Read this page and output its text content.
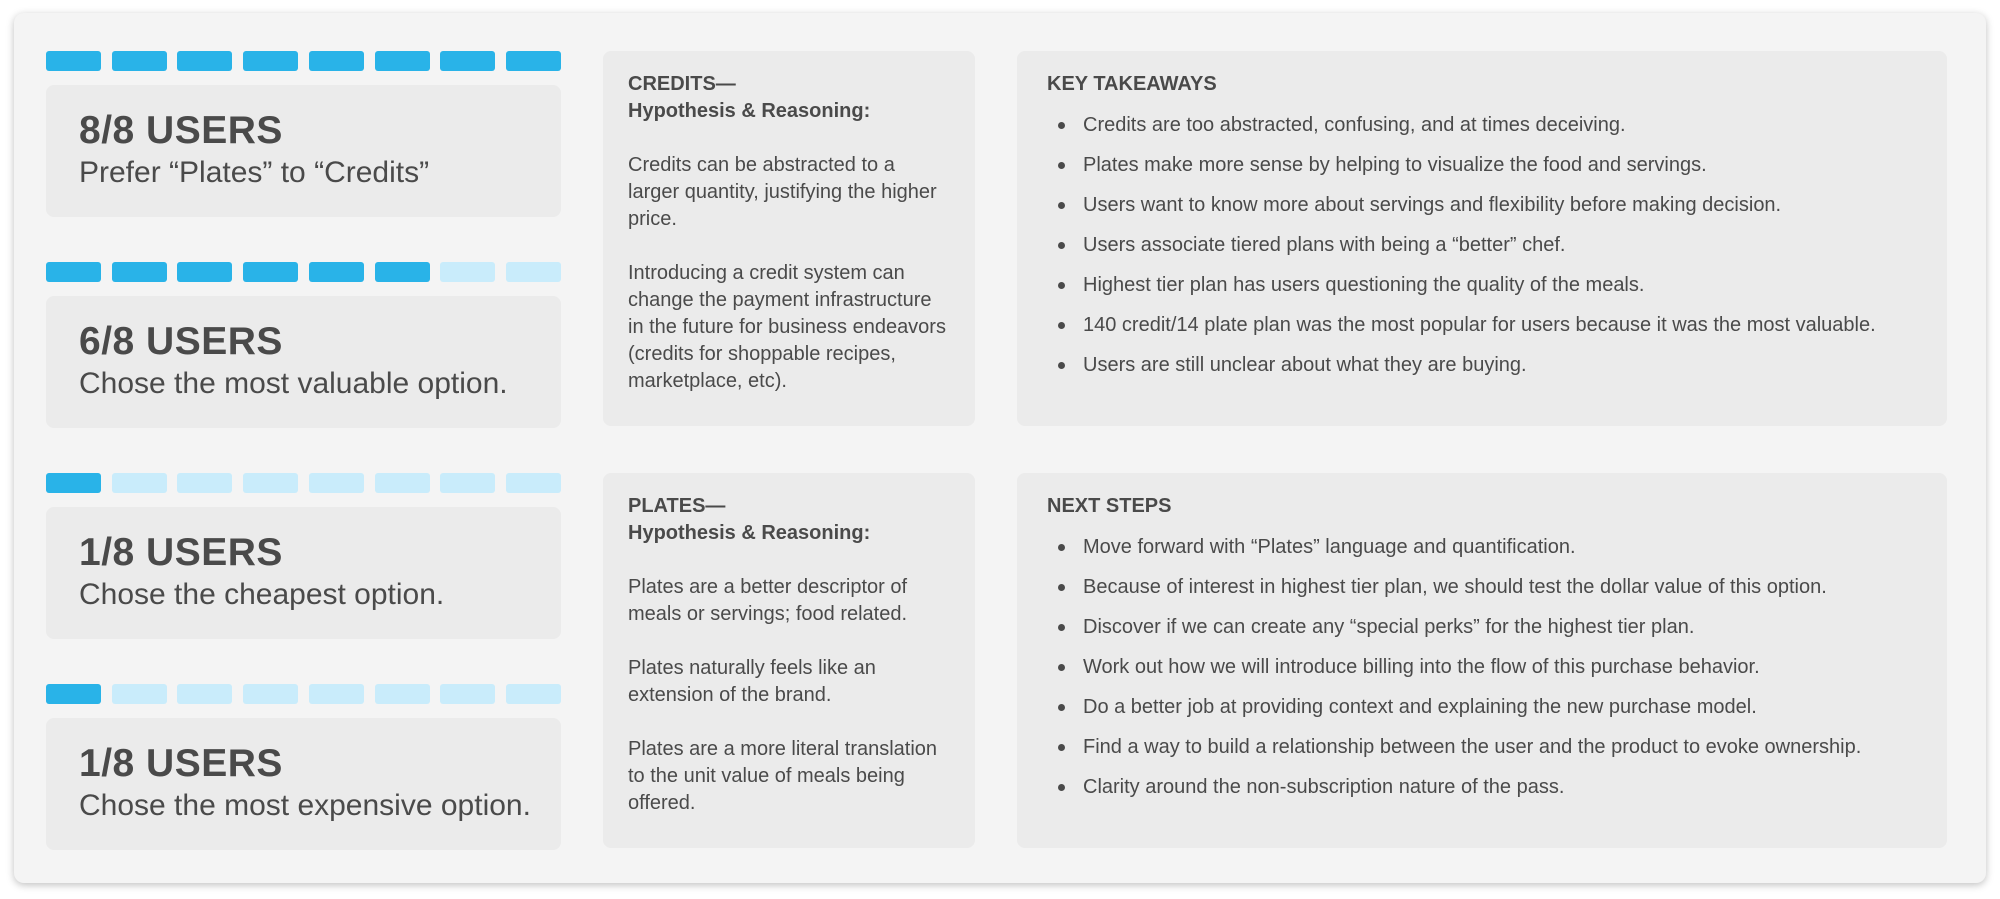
8/8 USERS
Prefer “Plates” to “Credits”
6/8 USERS
Chose the most valuable option.
1/8 USERS
Chose the cheapest option.
1/8 USERS
Chose the most expensive option.
CREDITS—
Hypothesis & Reasoning:

Credits can be abstracted to a larger quantity, justifying the higher price.

Introducing a credit system can change the payment infrastructure in the future for business endeavors (credits for shoppable recipes, marketplace, etc).

PLATES—
Hypothesis & Reasoning:

Plates are a better descriptor of meals or servings; food related.

Plates naturally feels like an extension of the brand.

Plates are a more literal translation to the unit value of meals being offered.

KEY TAKEAWAYS
Credits are too abstracted, confusing, and at times deceiving.
Plates make more sense by helping to visualize the food and servings.
Users want to know more about servings and flexibility before making decision.
Users associate tiered plans with being a “better” chef.
Highest tier plan has users questioning the quality of the meals.
140 credit/14 plate plan was the most popular for users because it was the most valuable.
Users are still unclear about what they are buying.
NEXT STEPS
Move forward with “Plates” language and quantification.
Because of interest in highest tier plan, we should test the dollar value of this option.
Discover if we can create any “special perks” for the highest tier plan.
Work out how we will introduce billing into the flow of this purchase behavior.
Do a better job at providing context and explaining the new purchase model.
Find a way to build a relationship between the user and the product to evoke ownership.
Clarity around the non-subscription nature of the pass.
